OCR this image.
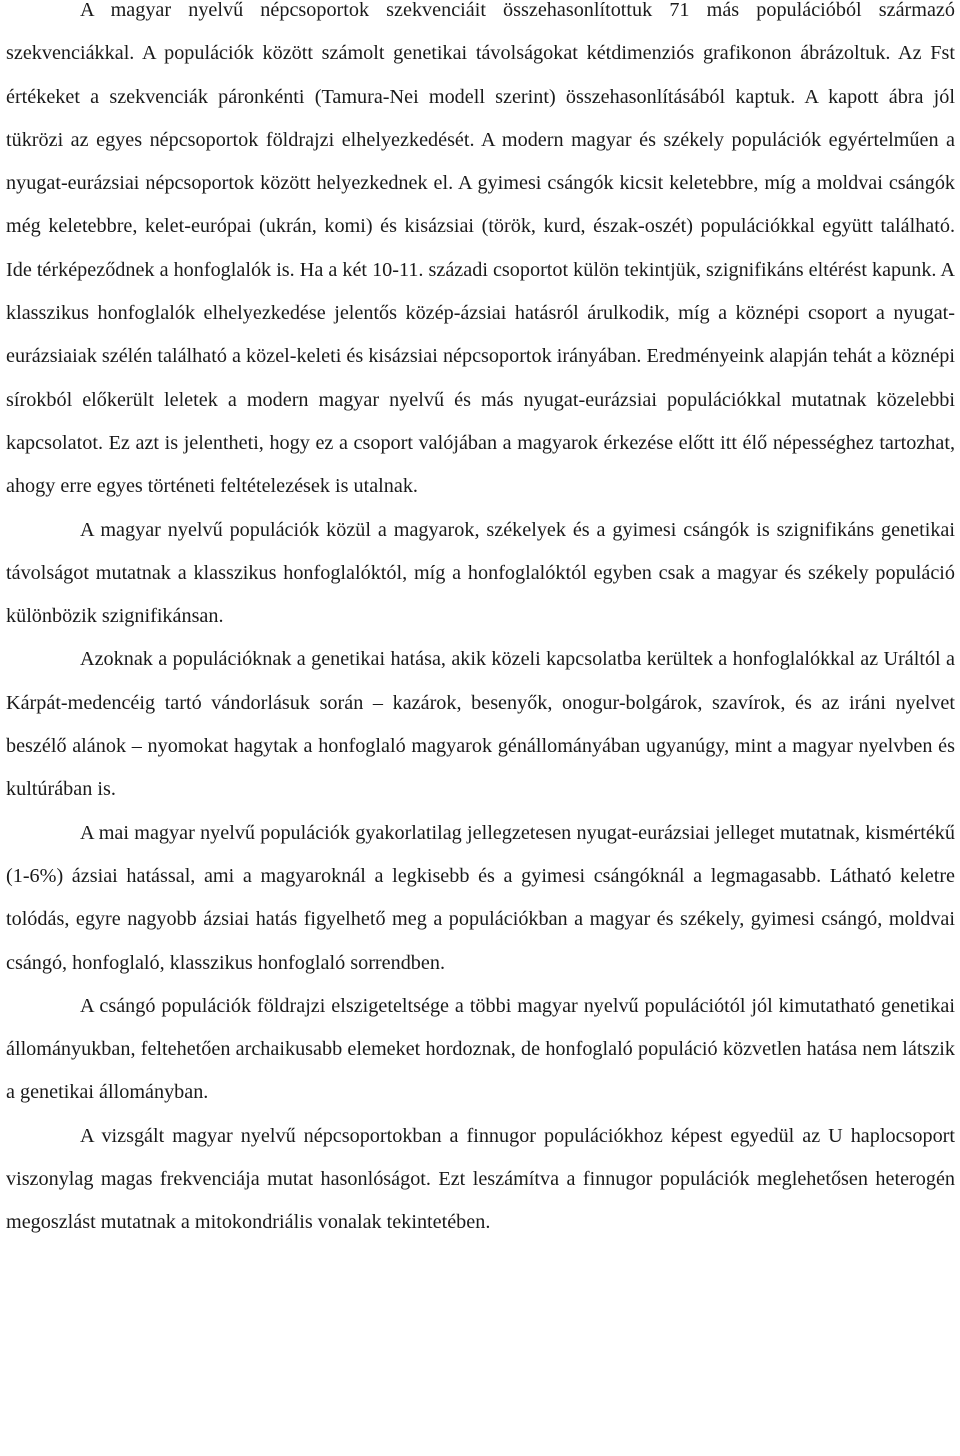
A magyar nyelvű népcsoportok szekvenciáit összehasonlítottuk 71 más populációból származó szekvenciákkal. A populációk között számolt genetikai távolságokat kétdimenziós grafikonon ábrázoltuk. Az Fst értékeket a szekvenciák páronkénti (Tamura-Nei modell szerint) összehasonlításából kaptuk. A kapott ábra jól tükrözi az egyes népcsoportok földrajzi elhelyezkedését. A modern magyar és székely populációk egyértelműen a nyugat-eurázsiai népcsoportok között helyezkednek el. A gyimesi csángók kicsit keletebbre, míg a moldvai csángók még keletebbre, kelet-európai (ukrán, komi) és kisázsiai (török, kurd, észak-oszét) populációkkal együtt található. Ide térképeződnek a honfoglalók is. Ha a két 10-11. századi csoportot külön tekintjük, szignifikáns eltérést kapunk. A klasszikus honfoglalók elhelyezkedése jelentős közép-ázsiai hatásról árulkodik, míg a köznépi csoport a nyugat-eurázsiaiak szélén található a közel-keleti és kisázsiai népcsoportok irányában. Eredményeink alapján tehát a köznépi sírokból előkerült leletek a modern magyar nyelvű és más nyugat-eurázsiai populációkkal mutatnak közelebbi kapcsolatot. Ez azt is jelentheti, hogy ez a csoport valójában a magyarok érkezése előtt itt élő népességhez tartozhat, ahogy erre egyes történeti feltételezések is utalnak.

A magyar nyelvű populációk közül a magyarok, székelyek és a gyimesi csángók is szignifikáns genetikai távolságot mutatnak a klasszikus honfoglalóktól, míg a honfoglalóktól egyben csak a magyar és székely populáció különbözik szignifikánsan.

Azoknak a populációknak a genetikai hatása, akik közeli kapcsolatba kerültek a honfoglalókkal az Uráltól a Kárpát-medencéig tartó vándorlásuk során – kazárok, besenyők, onogur-bolgárok, szavírok, és az iráni nyelvet beszélő alánok – nyomokat hagytak a honfoglaló magyarok génállományában ugyanúgy, mint a magyar nyelvben és kultúrában is.

A mai magyar nyelvű populációk gyakorlatilag jellegzetesen nyugat-eurázsiai jelleget mutatnak, kismértékű (1-6%) ázsiai hatással, ami a magyaroknál a legkisebb és a gyimesi csángóknál a legmagasabb. Látható keletre tolódás, egyre nagyobb ázsiai hatás figyelhető meg a populációkban a magyar és székely, gyimesi csángó, moldvai csángó, honfoglaló, klasszikus honfoglaló sorrendben.

A csángó populációk földrajzi elszigeteltsége a többi magyar nyelvű populációtól jól kimutatható genetikai állományukban, feltehetően archaikusabb elemeket hordoznak, de honfoglaló populáció közvetlen hatása nem látszik a genetikai állományban.

A vizsgált magyar nyelvű népcsoportokban a finnugor populációkhoz képest egyedül az U haplocsoport viszonylag magas frekvenciája mutat hasonlóságot. Ezt leszámítva a finnugor populációk meglehetősen heterogén megoszlást mutatnak a mitokondriális vonalak tekintetében.
